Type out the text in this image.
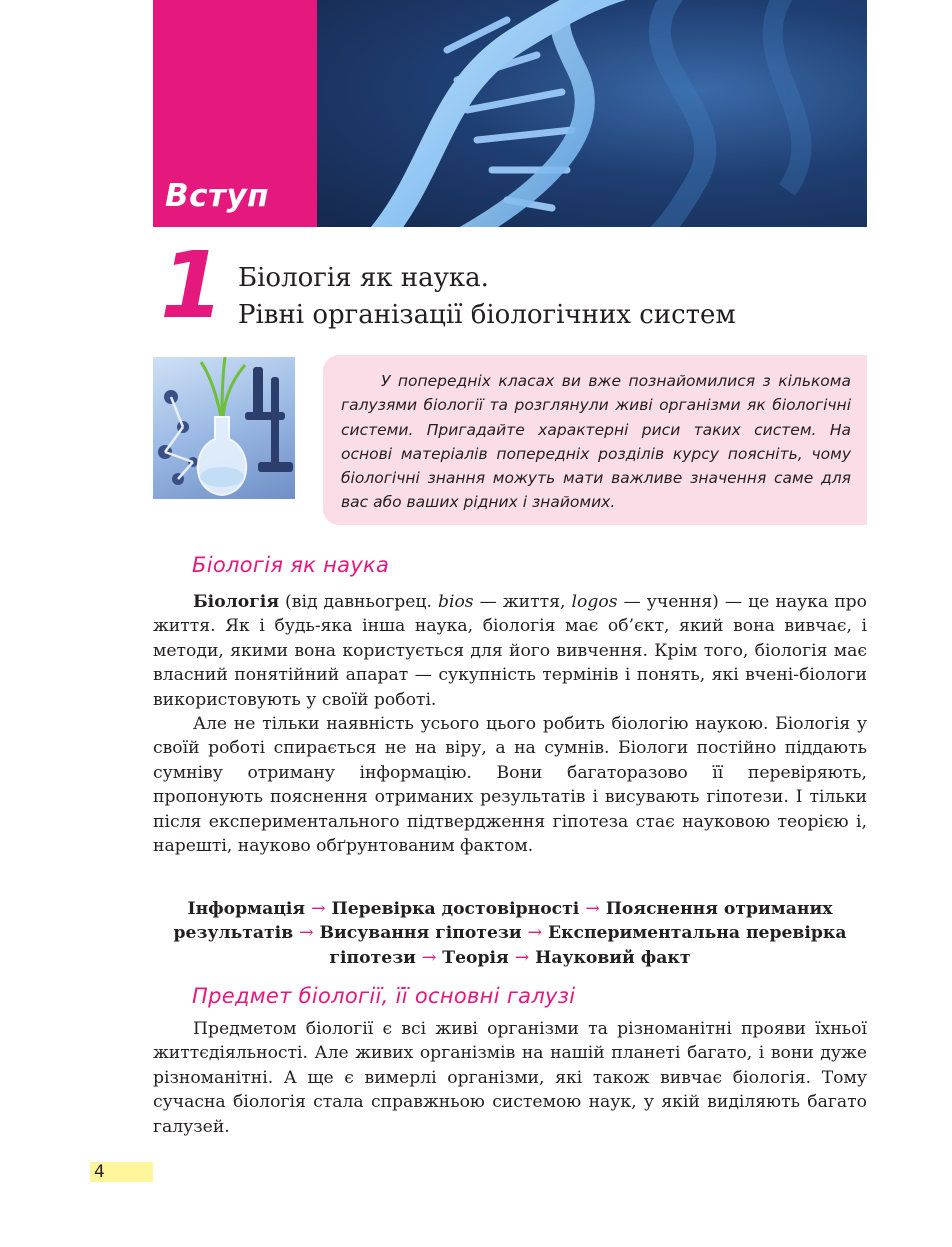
Вступ
1 Біологія як наука.
Рівні організації біологічних систем

У попередніх класах ви вже познайомилися з кількома галузями біології та розглянули живі організми як біологічні системи. Пригадайте характерні риси таких систем. На основі матеріалів попередніх розділів курсу поясніть, чому біологічні знання можуть мати важливе значення саме для вас або ваших рідних і знайомих.

Біологія як наука

Біологія (від давньогрец. bios — життя, logos — учення) — це наука про життя. Як і будь-яка інша наука, біологія має об’єкт, який вона вивчає, і методи, якими вона користується для його вивчення. Крім того, біологія має власний понятійний апарат — сукупність термінів і понять, які вчені-біологи використовують у своїй роботі.

Але не тільки наявність усього цього робить біологію наукою. Біологія у своїй роботі спирається не на віру, а на сумнів. Біологи постійно піддають сумніву отриману інформацію. Вони багаторазово її перевіряють, пропонують пояснення отриманих результатів і висувають гіпотези. І тільки після експериментального підтвердження гіпотеза стає науковою теорією і, нарешті, науково обґрунтованим фактом.

Інформація → Перевірка достовірності → Пояснення отриманих результатів → Висування гіпотези → Експериментальна перевірка гіпотези → Теорія → Науковий факт
Предмет біології, її основні галузі

Предметом біології є всі живі організми та різноманітні прояви їхньої життєдіяльності. Але живих організмів на нашій планеті багато, і вони дуже різноманітні. А ще є вимерлі організми, які також вивчає біологія. Тому сучасна біологія стала справжньою системою наук, у якій виділяють багато галузей.

4
